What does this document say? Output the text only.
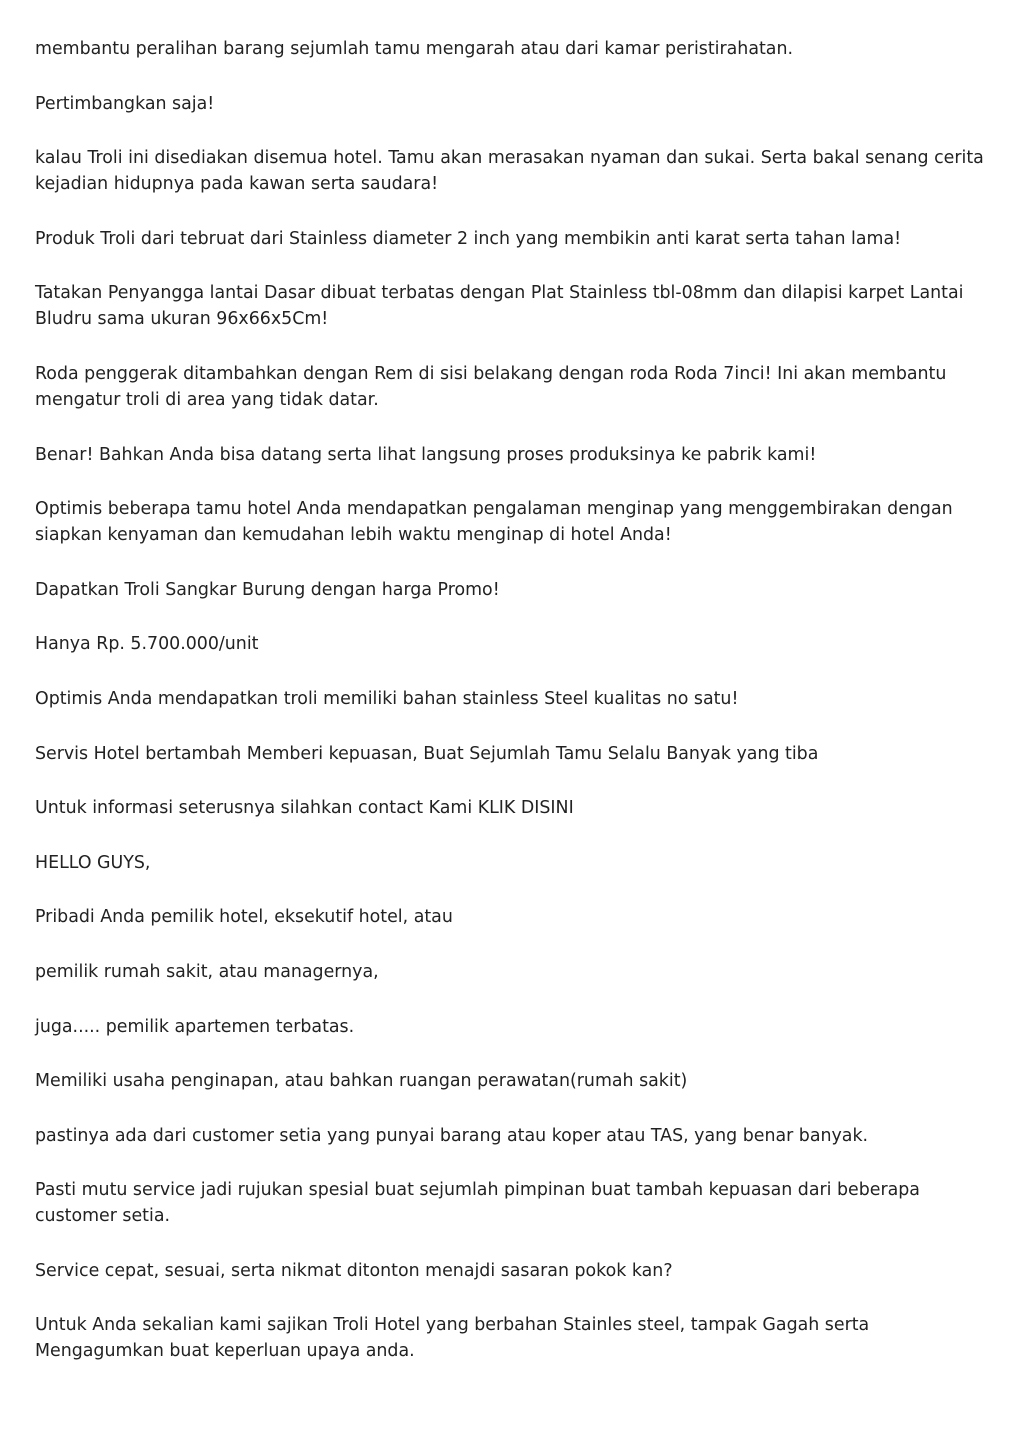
membantu peralihan barang sejumlah tamu mengarah atau dari kamar peristirahatan.

Pertimbangkan saja!

kalau Troli ini disediakan disemua hotel. Tamu akan merasakan nyaman dan sukai. Serta bakal senang cerita kejadian hidupnya pada kawan serta saudara!

Produk Troli dari tebruat dari Stainless diameter 2 inch yang membikin anti karat serta tahan lama!

Tatakan Penyangga lantai Dasar dibuat terbatas dengan Plat Stainless tbl-08mm dan dilapisi karpet Lantai Bludru sama ukuran 96x66x5Cm!

Roda penggerak ditambahkan dengan Rem di sisi belakang dengan roda Roda 7inci! Ini akan membantu mengatur troli di area yang tidak datar.

Benar! Bahkan Anda bisa datang serta lihat langsung proses produksinya ke pabrik kami!

Optimis beberapa tamu hotel Anda mendapatkan pengalaman menginap yang menggembirakan dengan siapkan kenyaman dan kemudahan lebih waktu menginap di hotel Anda!

Dapatkan Troli Sangkar Burung dengan harga Promo!

Hanya Rp. 5.700.000/unit

Optimis Anda mendapatkan troli memiliki bahan stainless Steel kualitas no satu!

Servis Hotel bertambah Memberi kepuasan, Buat Sejumlah Tamu Selalu Banyak yang tiba

Untuk informasi seterusnya silahkan contact Kami KLIK DISINI

HELLO GUYS,

Pribadi Anda pemilik hotel, eksekutif hotel, atau

pemilik rumah sakit, atau managernya,

juga..... pemilik apartemen terbatas.

Memiliki usaha penginapan, atau bahkan ruangan perawatan(rumah sakit)

pastinya ada dari customer setia yang punyai barang atau koper atau TAS, yang benar banyak.

Pasti mutu service jadi rujukan spesial buat sejumlah pimpinan buat tambah kepuasan dari beberapa customer setia.

Service cepat, sesuai, serta nikmat ditonton menajdi sasaran pokok kan?

Untuk Anda sekalian kami sajikan Troli Hotel yang berbahan Stainles steel, tampak Gagah serta Mengagumkan buat keperluan upaya anda.
